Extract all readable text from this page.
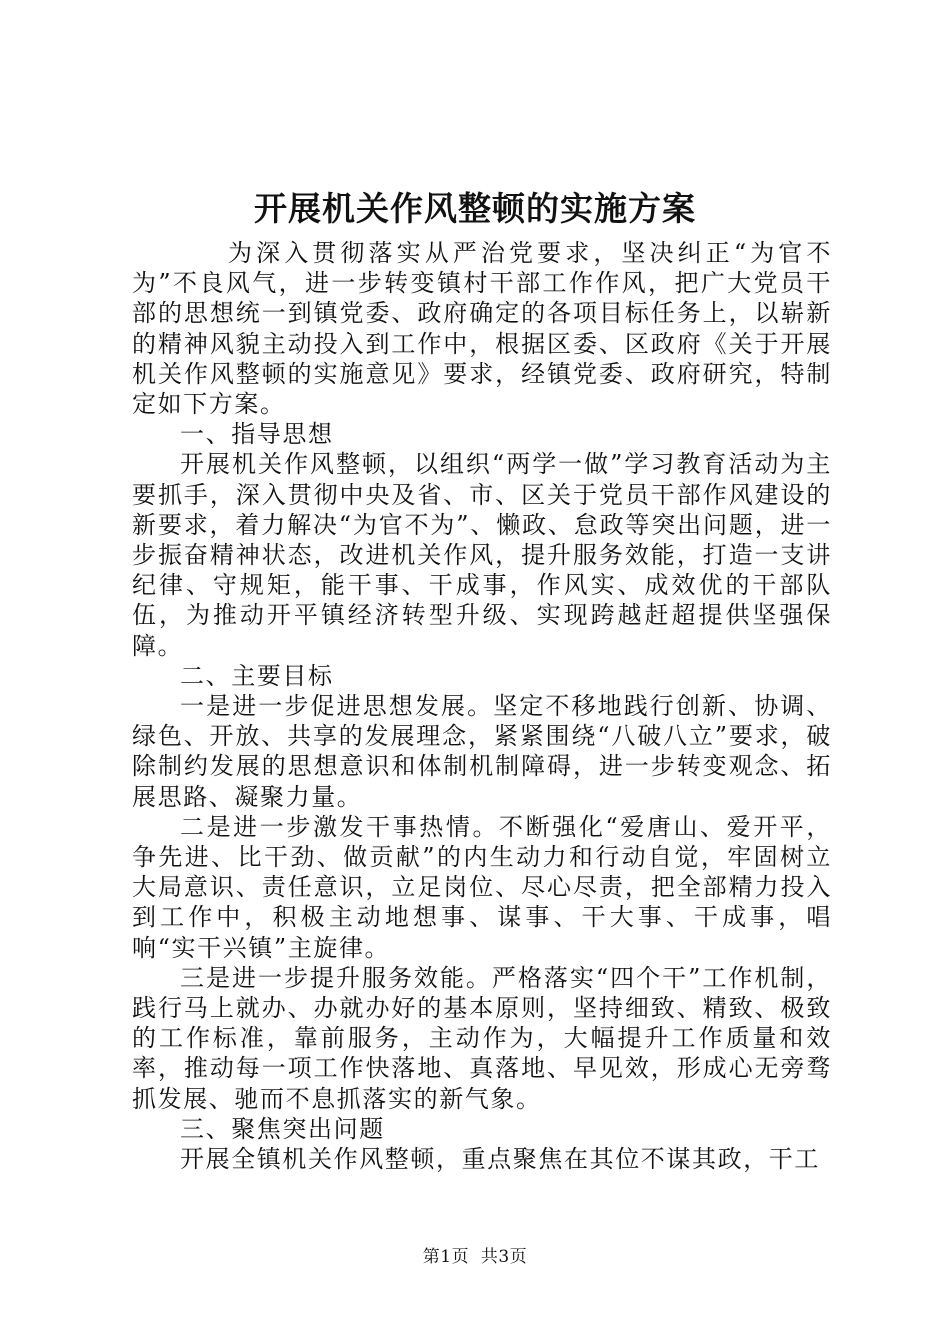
开展机关作风整顿的实施方案

为深入贯彻落实从严治党要求，坚决纠正“为官不为”不良风气，进一步转变镇村干部工作作风，把广大党员干部的思想统一到镇党委、政府确定的各项目标任务上，以崭新的精神风貌主动投入到工作中，根据区委、区政府《关于开展机关作风整顿的实施意见》要求，经镇党委、政府研究，特制定如下方案。

一、指导思想

开展机关作风整顿，以组织“两学一做”学习教育活动为主要抓手，深入贯彻中央及省、市、区关于党员干部作风建设的新要求，着力解决“为官不为”、懒政、怠政等突出问题，进一步振奋精神状态，改进机关作风，提升服务效能，打造一支讲纪律、守规矩，能干事、干成事，作风实、成效优的干部队伍，为推动开平镇经济转型升级、实现跨越赶超提供坚强保障。

二、主要目标

一是进一步促进思想发展。坚定不移地践行创新、协调、绿色、开放、共享的发展理念，紧紧围绕“八破八立”要求，破除制约发展的思想意识和体制机制障碍，进一步转变观念、拓展思路、凝聚力量。

二是进一步激发干事热情。不断强化“爱唐山、爱开平，争先进、比干劲、做贡献”的内生动力和行动自觉，牢固树立大局意识、责任意识，立足岗位、尽心尽责，把全部精力投入到工作中，积极主动地想事、谋事、干大事、干成事，唱响“实干兴镇”主旋律。

三是进一步提升服务效能。严格落实“四个干”工作机制，践行马上就办、办就办好的基本原则，坚持细致、精致、极致的工作标准，靠前服务，主动作为，大幅提升工作质量和效率，推动每一项工作快落地、真落地、早见效，形成心无旁骛抓发展、驰而不息抓落实的新气象。

三、聚焦突出问题

开展全镇机关作风整顿，重点聚焦在其位不谋其政，干工

第1页 共3页
